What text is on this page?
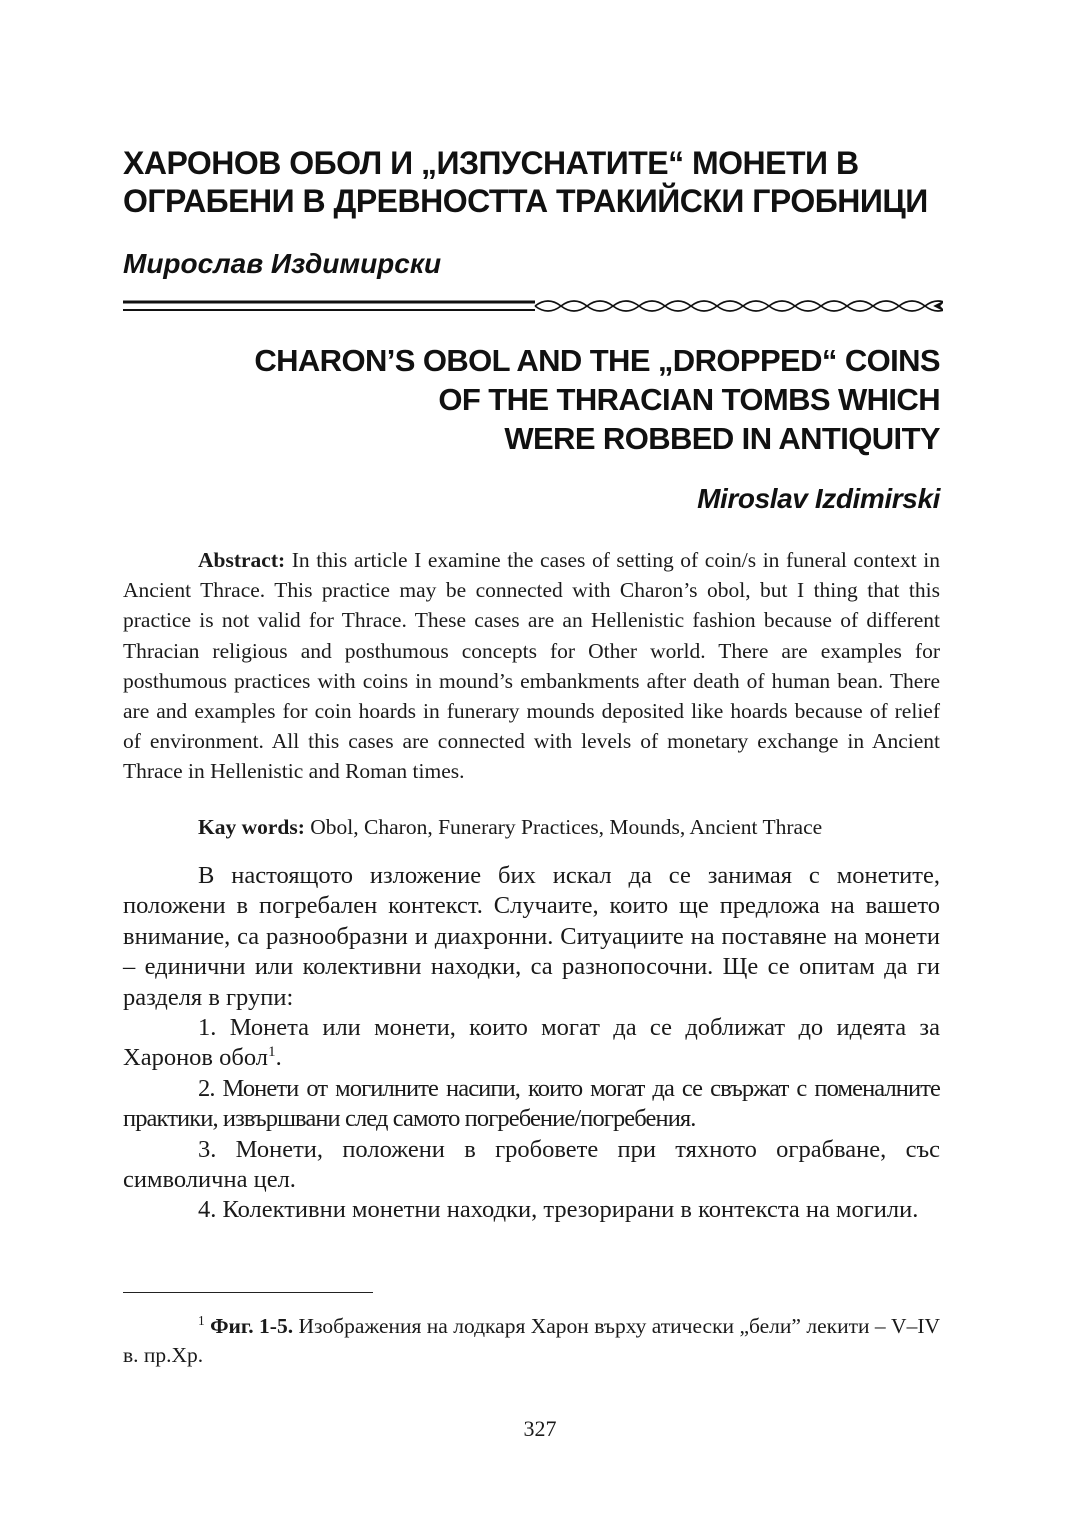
ХАРОНОВ ОБОЛ И „ИЗПУСНАТИТЕ“ МОНЕТИ В
ОГРАБЕНИ В ДРЕВНОСТТА ТРАКИЙСКИ ГРОБНИЦИ
Мирослав Издимирски
CHARON’S OBOL AND THE „DROPPED“ COINS
OF THE THRACIAN TOMBS WHICH
WERE ROBBED IN ANTIQUITY
Miroslav Izdimirski

Abstract: In this article I examine the cases of setting of coin/s in funeral context in Ancient Thrace. This practice may be connected with Charon’s obol, but I thing that this practice is not valid for Thrace. These cases are an Hellenistic fashion because of different Thracian religious and posthumous concepts for Other world. There are examples for posthumous practices with coins in mound’s embankments after death of human bean. There are and examples for coin hoards in funerary mounds deposited like hoards because of relief of environment. All this cases are connected with levels of monetary exchange in Ancient Thrace in Hellenistic and Roman times.

Kay words: Obol, Charon, Funerary Practices, Mounds, Ancient Thrace

В настоящото изложение бих искал да се занимая с монетите, положени в погребален контекст. Случаите, които ще предложа на вашето внимание, са разнообразни и диахронни. Ситуациите на поставяне на монети – единични или колективни находки, са разнопосочни. Ще се опитам да ги разделя в групи:

1. Монета или монети, които могат да се доближат до идеята за Харонов обол$^1$.

2. Монети от могилните насипи, които могат да се свържат с поменалните практики, извършвани след самото погребение/погребения.

3. Монети, положени в гробовете при тяхното ограбване, със символична цел.

4. Колективни монетни находки, трезорирани в контекста на могили.

$^1$ Фиг. 1-5. Изображения на лодкаря Харон върху атически „бели” лекити – V–IV в. пр.Хр.

327
